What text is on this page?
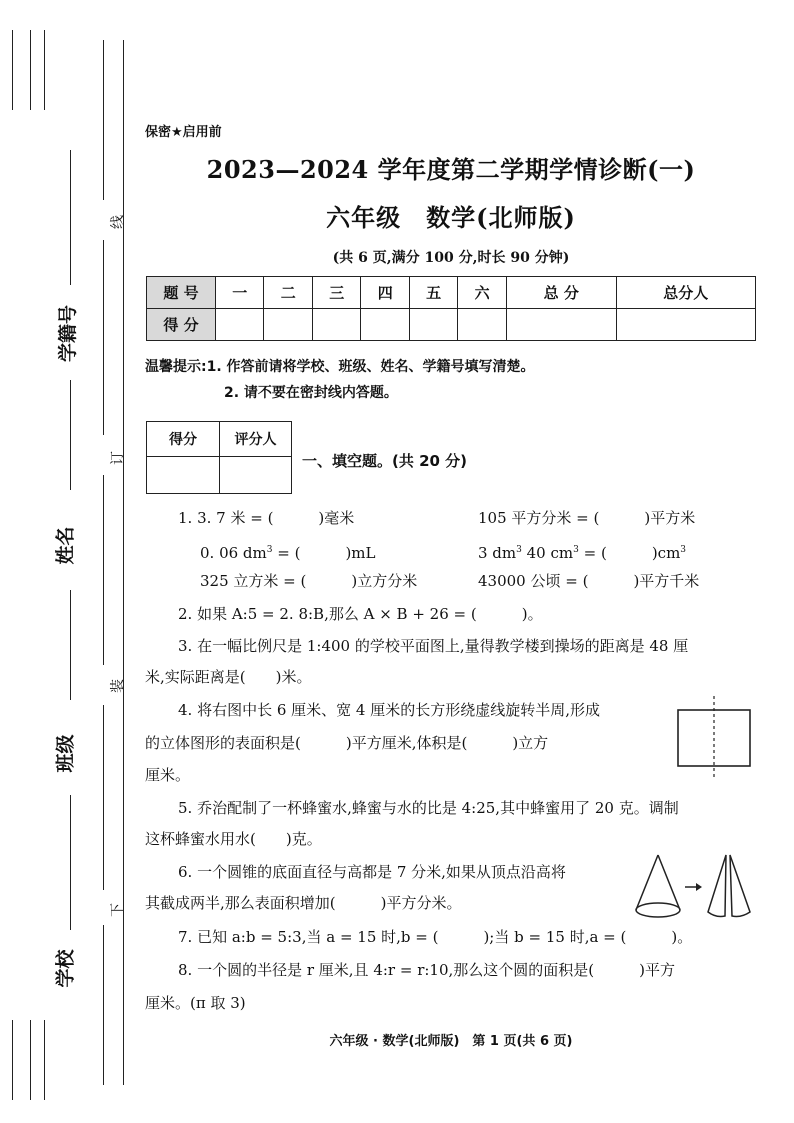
学籍号
姓名
班级
学校
线
订
装
下
保密★启用前
2023—2024 学年度第二学期学情诊断(一)
六年级　数学(北师版)
(共 6 页,满分 100 分,时长 90 分钟)
题 号	一	二	三	四	五	六	总 分	总分人
得 分								
温馨提示:1. 作答前请将学校、班级、姓名、学籍号填写清楚。
2. 请不要在密封线内答题。
得分	评分人

一、填空题。(共 20 分)
1. 3. 7 米 = (　　　)毫米	105 平方分米 = (　　　)平方米
0. 06 $dm^3$ = (　　　)mL	3 $dm^3$ 40 $cm^3$ = (　　　)$cm^3$
325 立方米 = (　　　)立方分米	43000 公顷 = (　　　)平方千米
2. 如果 A:5 = 2. 8:B,那么 A × B + 26 = (　　　)。
3. 在一幅比例尺是 1:400 的学校平面图上,量得教学楼到操场的距离是 48 厘
米,实际距离是(　　)米。
4. 将右图中长 6 厘米、宽 4 厘米的长方形绕虚线旋转半周,形成
的立体图形的表面积是(　　　)平方厘米,体积是(　　　)立方
厘米。
5. 乔治配制了一杯蜂蜜水,蜂蜜与水的比是 4:25,其中蜂蜜用了 20 克。调制
这杯蜂蜜水用水(　　)克。
6. 一个圆锥的底面直径与高都是 7 分米,如果从顶点沿高将
其截成两半,那么表面积增加(　　　)平方分米。
7. 已知 a:b = 5:3,当 a = 15 时,b = (　　　);当 b = 15 时,a = (　　　)。
8. 一个圆的半径是 r 厘米,且 4:r = r:10,那么这个圆的面积是(　　　)平方
厘米。(π 取 3)
六年级 · 数学(北师版)　第 1 页(共 6 页)
